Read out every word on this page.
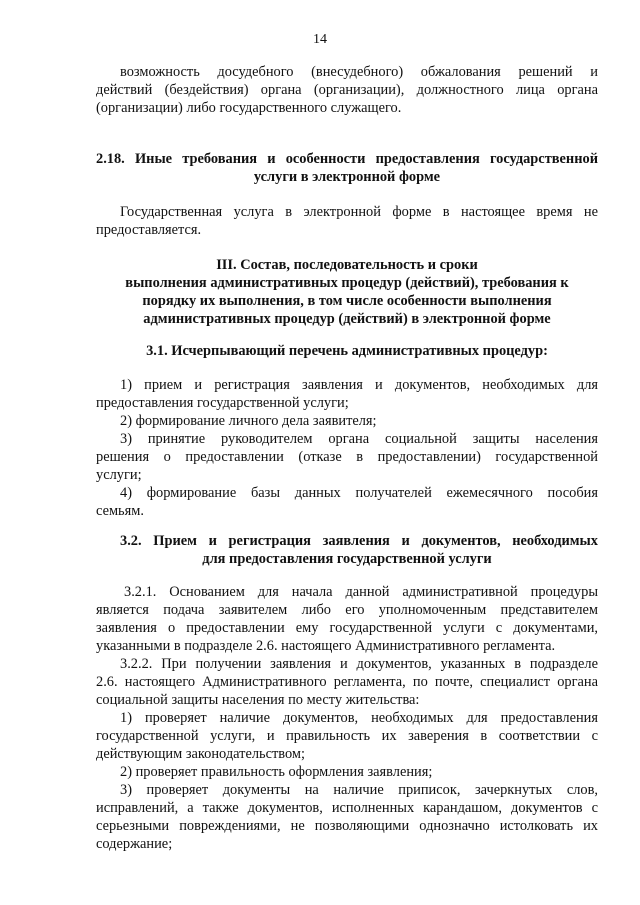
14
возможность досудебного (внесудебного) обжалования решений и
действий (бездействия) органа (организации), должностного лица органа
(организации) либо государственного служащего.
2.18. Иные требования и особенности предоставления государственной
услуги в электронной форме
Государственная услуга в электронной форме в настоящее время не
предоставляется.
III. Состав, последовательность и сроки
выполнения административных процедур (действий), требования к
порядку их выполнения, в том числе особенности выполнения
административных процедур (действий) в электронной форме
3.1. Исчерпывающий перечень административных процедур:
1) прием и регистрация заявления и документов, необходимых для
предоставления государственной услуги;
2) формирование личного дела заявителя;
3) принятие руководителем органа социальной защиты населения
решения о предоставлении (отказе в предоставлении) государственной
услуги;
4) формирование базы данных получателей ежемесячного пособия
семьям.
3.2. Прием и регистрация заявления и документов, необходимых
для предоставления государственной услуги
3.2.1. Основанием для начала данной административной процедуры
является подача заявителем либо его уполномоченным представителем
заявления о предоставлении ему государственной услуги с документами,
указанными в подразделе 2.6. настоящего Административного регламента.
3.2.2. При получении заявления и документов, указанных в подразделе
2.6. настоящего Административного регламента, по почте, специалист органа
социальной защиты населения по месту жительства:
1) проверяет наличие документов, необходимых для предоставления
государственной услуги, и правильность их заверения в соответствии с
действующим законодательством;
2) проверяет правильность оформления заявления;
3) проверяет документы на наличие приписок, зачеркнутых слов,
исправлений, а также документов, исполненных карандашом, документов с
серьезными повреждениями, не позволяющими однозначно истолковать их
содержание;
